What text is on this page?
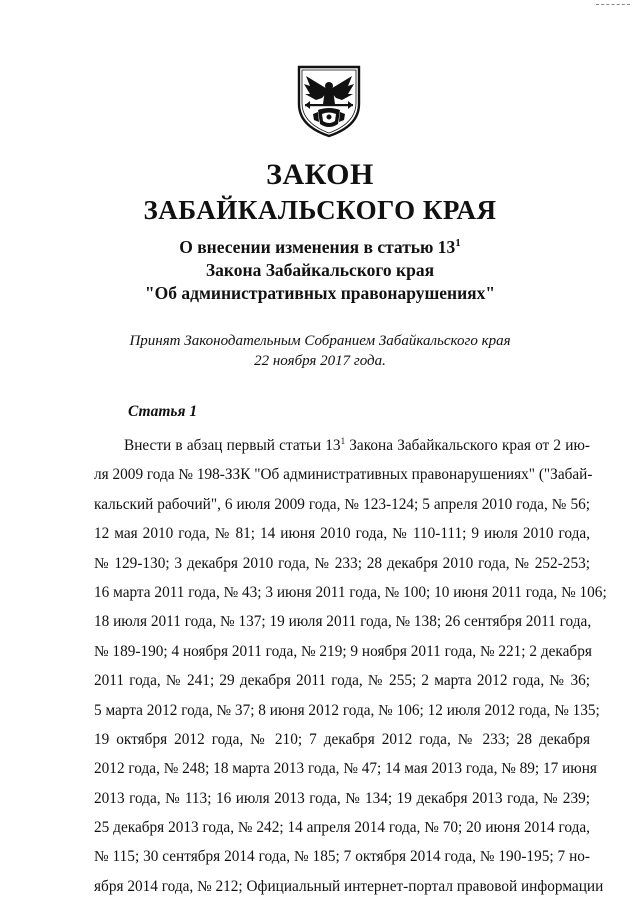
ЗАКОН
ЗАБАЙКАЛЬСКОГО КРАЯ
О внесении изменения в статью $13^1$
Закона Забайкальского края
"Об административных правонарушениях"
Принят Законодательным Собранием Забайкальского края
22 ноября 2017 года.
Статья 1
Внести в абзац первый статьи $13^1$ Закона Забайкальского края от 2 ию-
ля 2009 года № 198-ЗЗК "Об административных правонарушениях" ("Забай-
кальский рабочий", 6 июля 2009 года, № 123-124; 5 апреля 2010 года, № 56;
12 мая 2010 года, № 81; 14 июня 2010 года, № 110-111; 9 июля 2010 года,
№ 129-130; 3 декабря 2010 года, № 233; 28 декабря 2010 года, № 252-253;
16 марта 2011 года, № 43; 3 июня 2011 года, № 100; 10 июня 2011 года, № 106;
18 июля 2011 года, № 137; 19 июля 2011 года, № 138; 26 сентября 2011 года,
№ 189-190; 4 ноября 2011 года, № 219; 9 ноября 2011 года, № 221; 2 декабря
2011 года, № 241; 29 декабря 2011 года, № 255; 2 марта 2012 года, № 36;
5 марта 2012 года, № 37; 8 июня 2012 года, № 106; 12 июля 2012 года, № 135;
19 октября 2012 года, № 210; 7 декабря 2012 года, № 233; 28 декабря
2012 года, № 248; 18 марта 2013 года, № 47; 14 мая 2013 года, № 89; 17 июня
2013 года, № 113; 16 июля 2013 года, № 134; 19 декабря 2013 года, № 239;
25 декабря 2013 года, № 242; 14 апреля 2014 года, № 70; 20 июня 2014 года,
№ 115; 30 сентября 2014 года, № 185; 7 октября 2014 года, № 190-195; 7 но-
ября 2014 года, № 212; Официальный интернет-портал правовой информации
